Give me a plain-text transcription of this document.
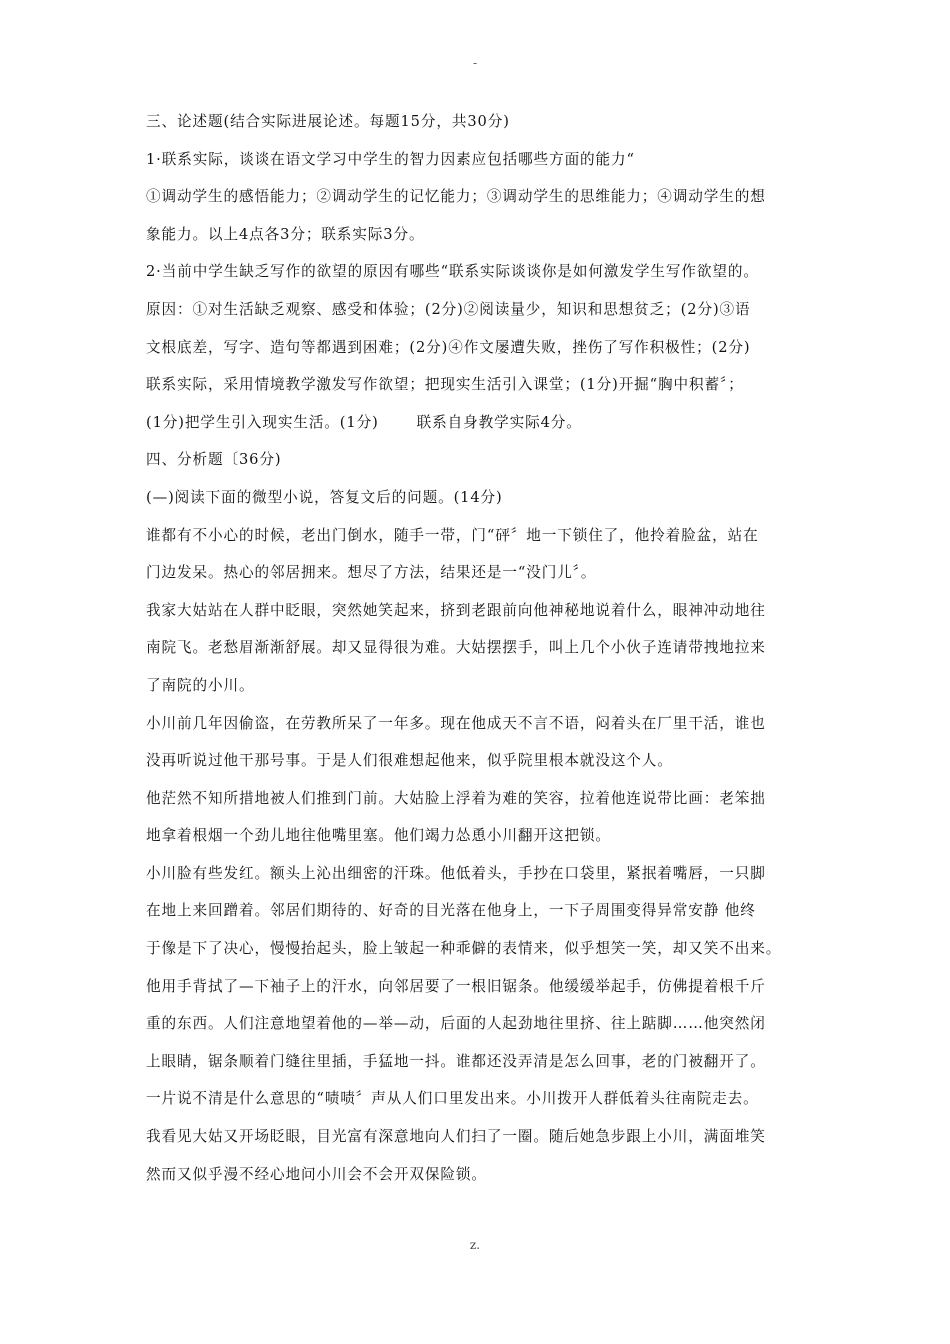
-
三、论述题(结合实际进展论述。每题15分，共30分)
1·联系实际，谈谈在语文学习中学生的智力因素应包括哪些方面的能力“
①调动学生的感悟能力；②调动学生的记忆能力；③调动学生的思维能力；④调动学生的想
象能力。以上4点各3分；联系实际3分。
2·当前中学生缺乏写作的欲望的原因有哪些“联系实际谈谈你是如何激发学生写作欲望的。
原因：①对生活缺乏观察、感受和体验；(2分)②阅读量少，知识和思想贫乏；(2分)③语
文根底差，写字、造句等都遇到困难；(2分)④作文屡遭失败，挫伤了写作积极性；(2分)
联系实际，采用情境教学激发写作欲望；把现实生活引入课堂；(1分)开掘“胸中积蓄〞；
(1分)把学生引入现实生活。(1分)	联系自身教学实际4分。
四、分析题〔36分)
(—)阅读下面的微型小说，答复文后的问题。(14分)
谁都有不小心的时候，老出门倒水，随手一带，门“砰〞地一下锁住了，他拎着脸盆，站在
门边发呆。热心的邻居拥来。想尽了方法，结果还是一“没门儿〞。
我家大姑站在人群中眨眼，突然她笑起来，挤到老跟前向他神秘地说着什么，眼神冲动地往
南院飞。老愁眉渐渐舒展。却又显得很为难。大姑摆摆手，叫上几个小伙子连请带拽地拉来
了南院的小川。
小川前几年因偷盗，在劳教所呆了一年多。现在他成天不言不语，闷着头在厂里干活，谁也
没再听说过他干那号事。于是人们很难想起他来，似乎院里根本就没这个人。
他茫然不知所措地被人们推到门前。大姑脸上浮着为难的笑容，拉着他连说带比画：老笨拙
地拿着根烟一个劲儿地往他嘴里塞。他们竭力怂恿小川翻开这把锁。
小川脸有些发红。额头上沁出细密的汗珠。他低着头，手抄在口袋里，紧抿着嘴唇，一只脚
在地上来回蹭着。邻居们期待的、好奇的目光落在他身上，一下子周围变得异常安静 他终
于像是下了决心，慢慢抬起头，脸上皱起一种乖僻的表情来，似乎想笑一笑，却又笑不出来。
他用手背拭了—下袖子上的汗水，向邻居要了一根旧锯条。他缓缓举起手，仿佛提着根千斤
重的东西。人们注意地望着他的—举—动，后面的人起劲地往里挤、往上踮脚……他突然闭
上眼睛，锯条顺着门缝往里插，手猛地一抖。谁都还没弄清是怎么回事，老的门被翻开了。
一片说不清是什么意思的“啧啧〞声从人们口里发出来。小川拨开人群低着头往南院走去。
我看见大姑又开场眨眼，目光富有深意地向人们扫了一圈。随后她急步跟上小川，满面堆笑
然而又似乎漫不经心地问小川会不会开双保险锁。
z.
